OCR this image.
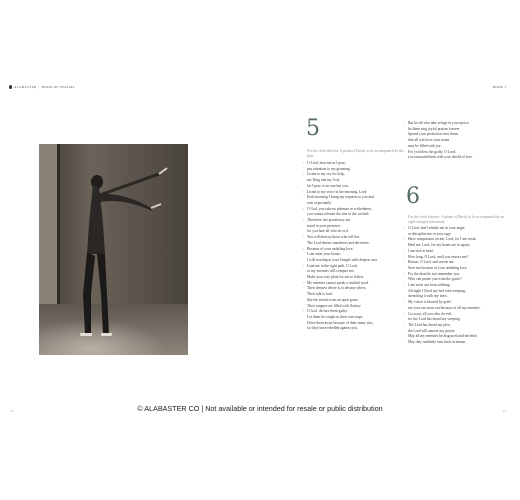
ALABASTER | BOOK OF PSALMS	BOOK I
5
For the choir director. A psalm of David, to be accompanied by the flute.
• O Lord, hear me as I pray;
pay attention to my groaning.
• Listen to my cry for help,
my King and my God,
for I pray to no one but you.
• Listen to my voice in the morning, Lord.
Each morning I bring my requests to you and
wait expectantly.
• O God, you take no pleasure in wickedness;
you cannot tolerate the sins of the wicked.
• Therefore, the proud may not
stand in your presence,
for you hate all who do evil.
• You will destroy those who tell lies.
The Lord detests murderers and deceivers.
• Because of your unfailing love,
I can enter your house;
I will worship at your Temple with deepest awe.
• Lead me in the right path, O Lord,
or my enemies will conquer me.
Make your way plain for me to follow.
• My enemies cannot speak a truthful word.
Their deepest desire is to destroy others.
Their talk is foul,
like the stench from an open grave.
Their tongues are filled with flattery.
• O God, declare them guilty.
Let them be caught in their own traps.
Drive them away because of their many sins,
for they have rebelled against you.
• But let all who take refuge in you rejoice;
let them sing joyful praises forever.
Spread your protection over them,
that all who love your name
may be filled with joy.
• For you bless the godly, O Lord;
you surround them with your shield of love.
6
For the choir director: A psalm of David, to be accompanied by an eight-stringed instrument.
• O Lord, don't rebuke me in your anger
or discipline me in your rage.
• Have compassion on me, Lord, for I am weak.
Heal me, Lord, for my bones are in agony.
• I am sick at heart.
How long, O Lord, until you restore me?
• Return, O Lord, and rescue me.
Save me because of your unfailing love.
• For the dead do not remember you.
Who can praise you from the grave?
• I am worn out from sobbing.
All night I flood my bed with weeping,
drenching it with my tears.
• My vision is blurred by grief;
my eyes are worn out because of all my enemies.
• Go away, all you who do evil,
for the Lord has heard my weeping.
• The Lord has heard my plea;
the Lord will answer my prayer.
• May all my enemies be disgraced and terrified.
May they suddenly turn back in shame.
© ALABASTER CO | Not available or intended for resale or public distribution
12	13
